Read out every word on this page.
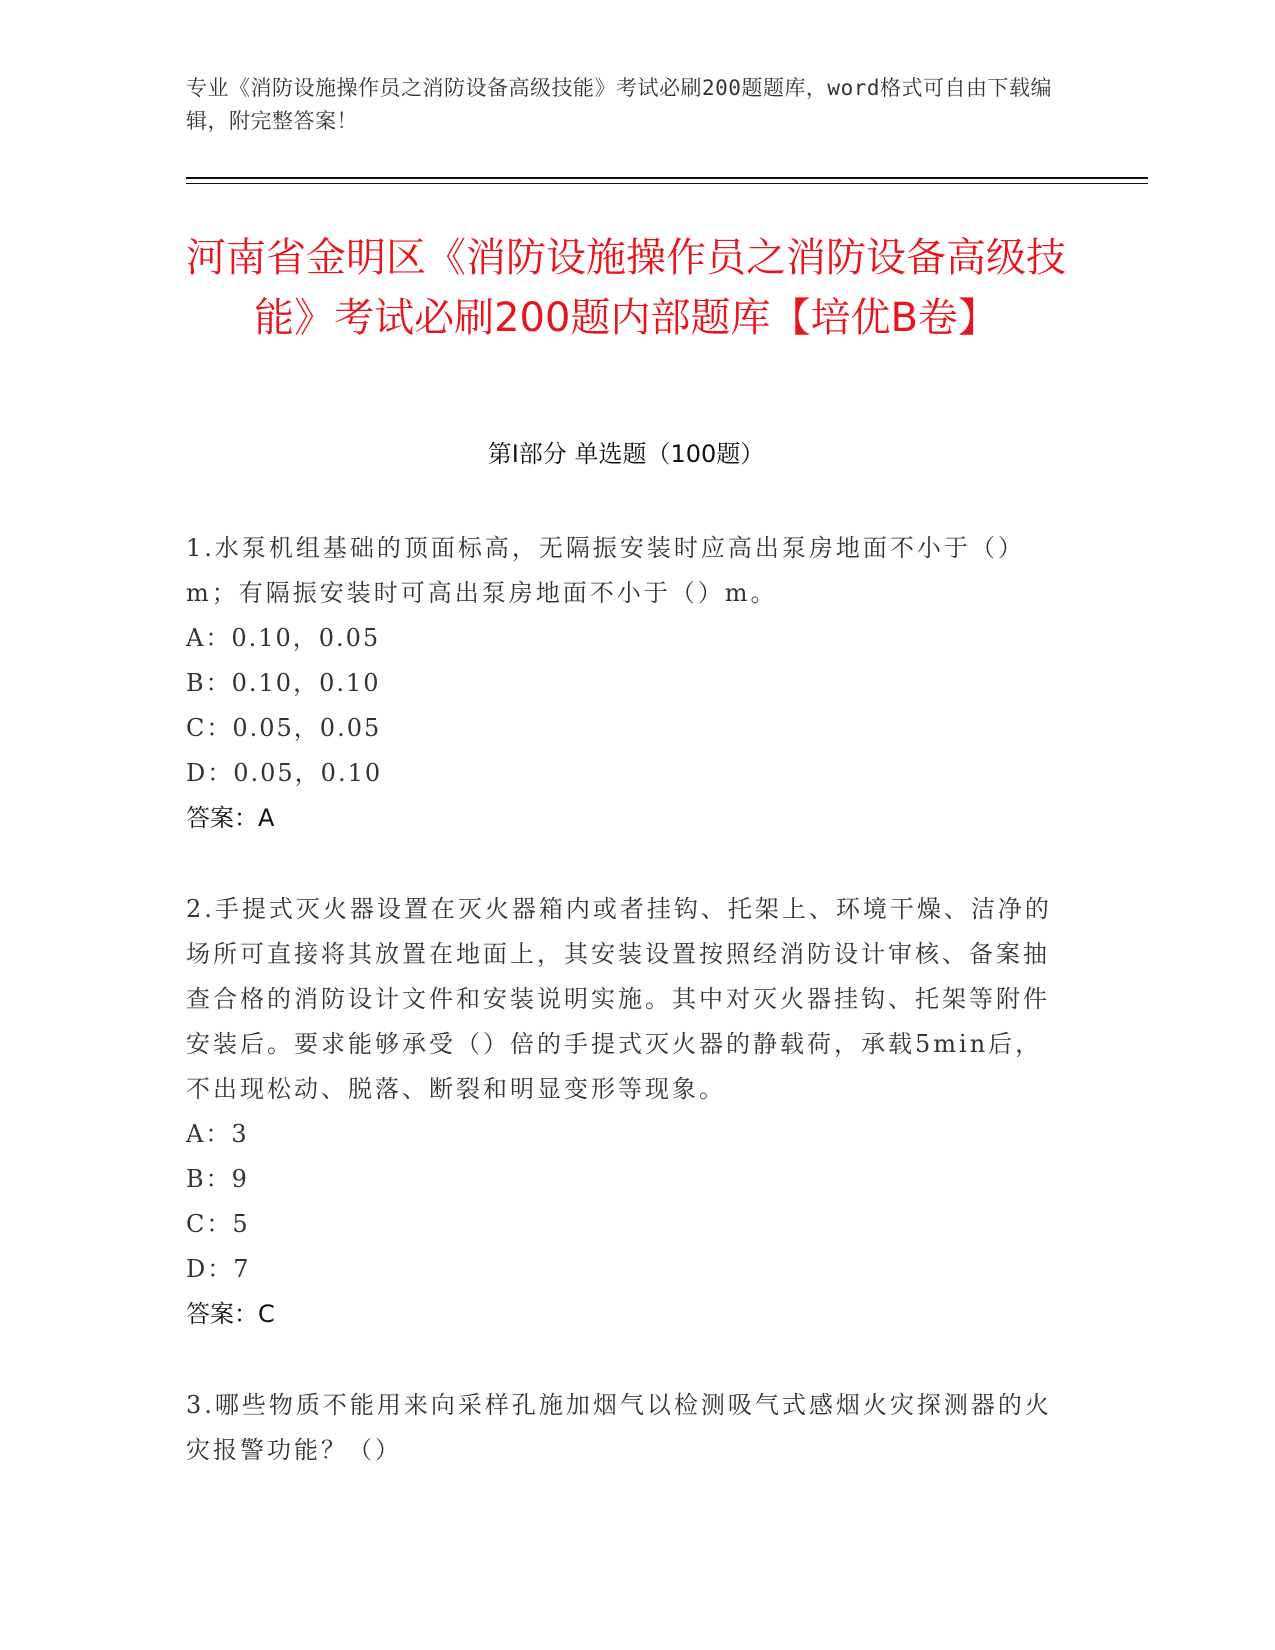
专业《消防设施操作员之消防设备高级技能》考试必刷200题题库，word格式可自由下载编辑，附完整答案！
河南省金明区《消防设施操作员之消防设备高级技能》考试必刷200题内部题库【培优B卷】
第I部分 单选题（100题）
1.水泵机组基础的顶面标高，无隔振安装时应高出泵房地面不小于（）m；有隔振安装时可高出泵房地面不小于（）m。
A：0.10，0.05
B：0.10，0.10
C：0.05，0.05
D：0.05，0.10
答案：A
2.手提式灭火器设置在灭火器箱内或者挂钩、托架上、环境干燥、洁净的场所可直接将其放置在地面上，其安装设置按照经消防设计审核、备案抽查合格的消防设计文件和安装说明实施。其中对灭火器挂钩、托架等附件安装后。要求能够承受（）倍的手提式灭火器的静载荷，承载5min后，不出现松动、脱落、断裂和明显变形等现象。
A：3
B：9
C：5
D：7
答案：C
3.哪些物质不能用来向采样孔施加烟气以检测吸气式感烟火灾探测器的火灾报警功能？（）
